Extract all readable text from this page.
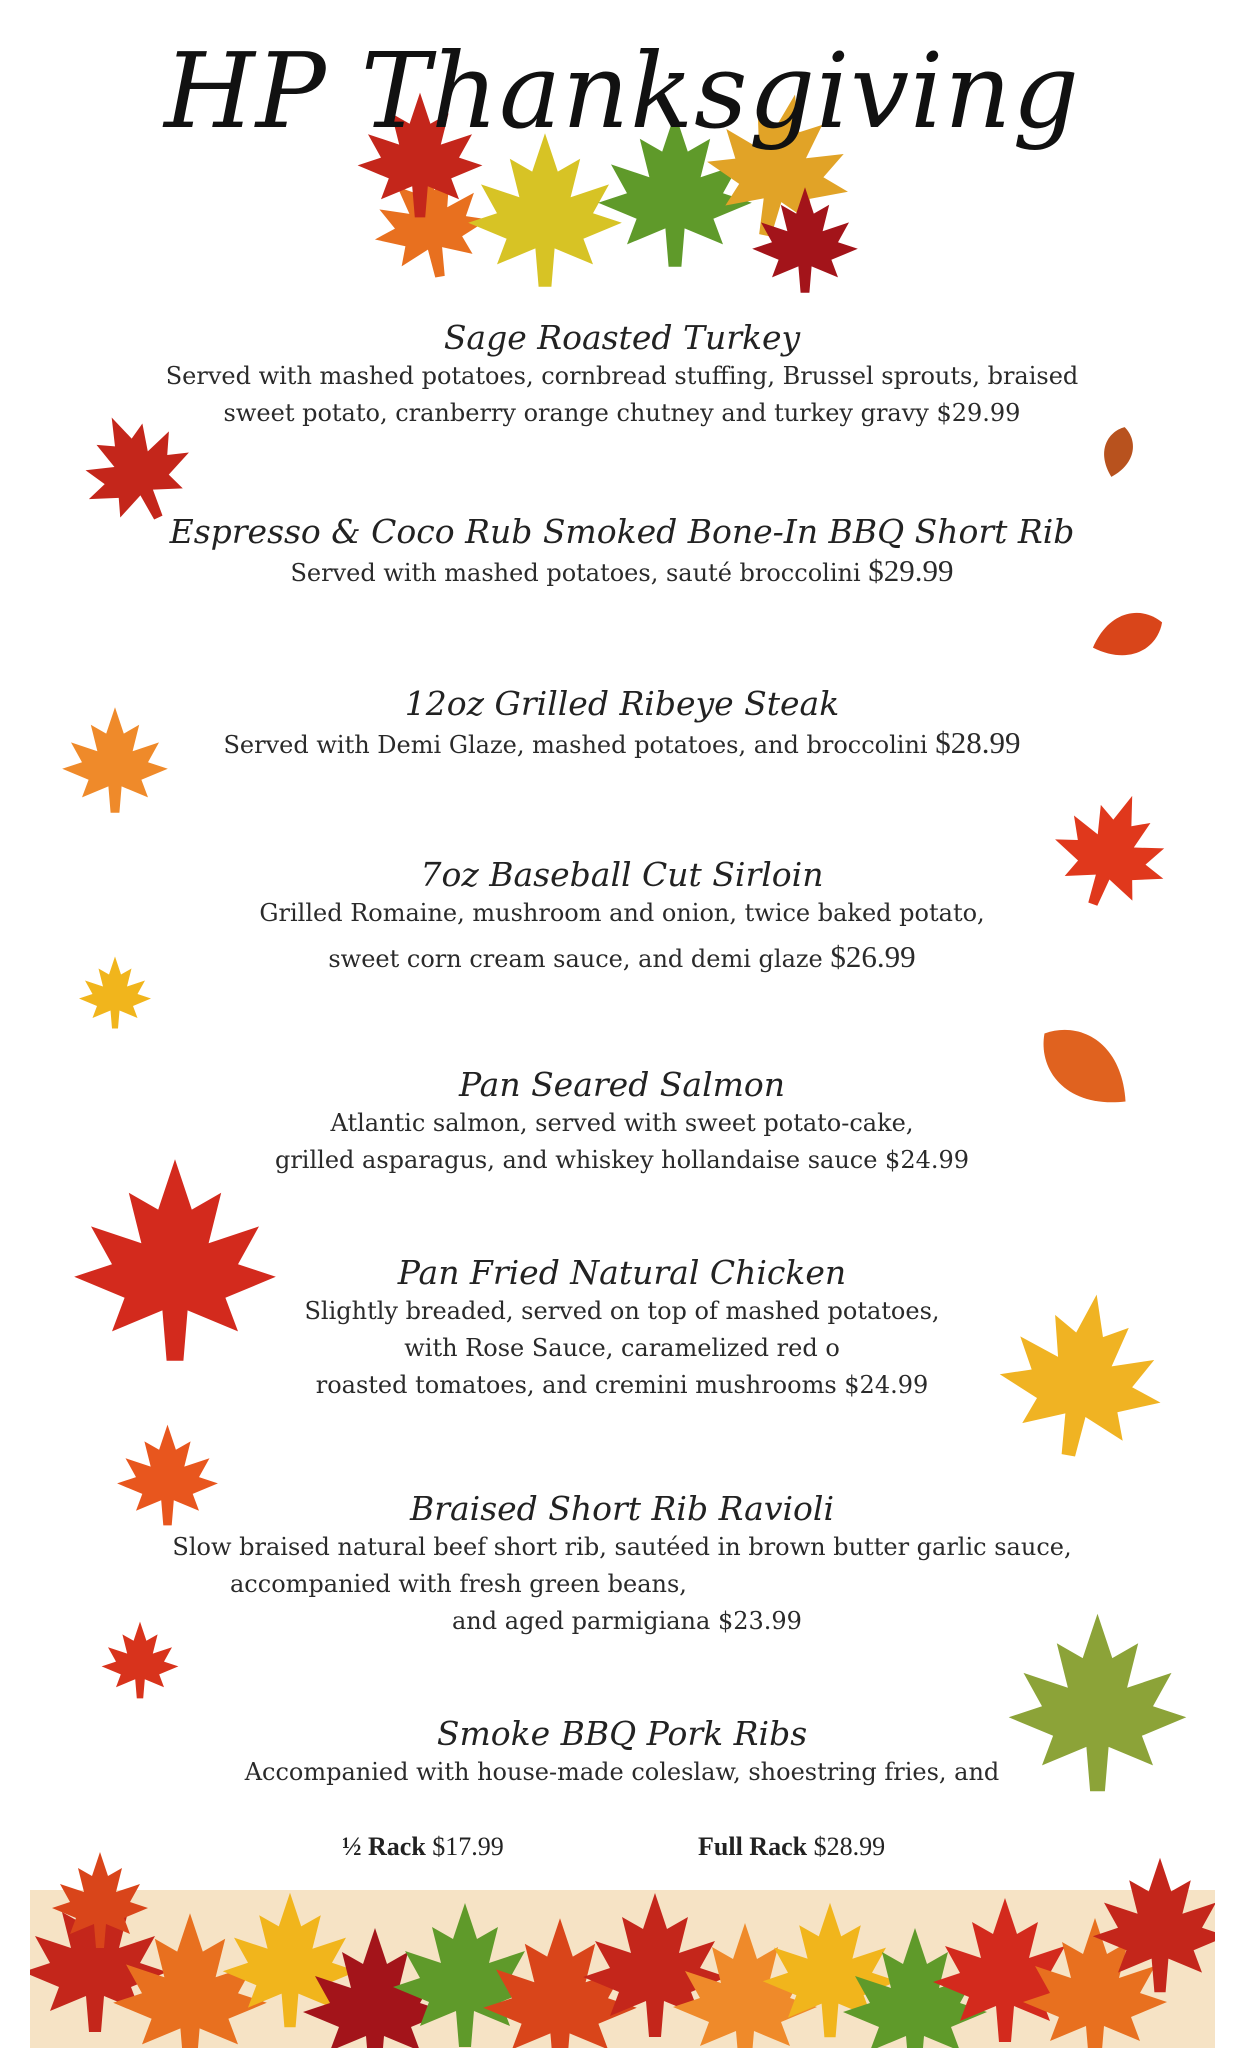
HP Thanksgiving
Sage Roasted Turkey
Served with mashed potatoes, cornbread stuffing, Brussel sprouts, braised
sweet potato, cranberry orange chutney and turkey gravy $29.99
Espresso & Coco Rub Smoked Bone-In BBQ Short Rib
Served with mashed potatoes, sauté broccolini $29.99
12oz Grilled Ribeye Steak
Served with Demi Glaze, mashed potatoes, and broccolini $28.99
7oz Baseball Cut Sirloin
Grilled Romaine, mushroom and onion, twice baked potato,
sweet corn cream sauce, and demi glaze $26.99
Pan Seared Salmon
Atlantic salmon, served with sweet potato-cake,
grilled asparagus, and whiskey hollandaise sauce $24.99
Pan Fried Natural Chicken
Slightly breaded, served on top of mashed potatoes,
with Rose Sauce, caramelized red o
roasted tomatoes, and cremini mushrooms $24.99
Braised Short Rib Ravioli
Slow braised natural beef short rib, sautéed in brown butter garlic sauce,
accompanied with fresh green beans,
and aged parmigiana $23.99
Smoke BBQ Pork Ribs
Accompanied with house-made coleslaw, shoestring fries, and
½ Rack $17.99	Full Rack $28.99
